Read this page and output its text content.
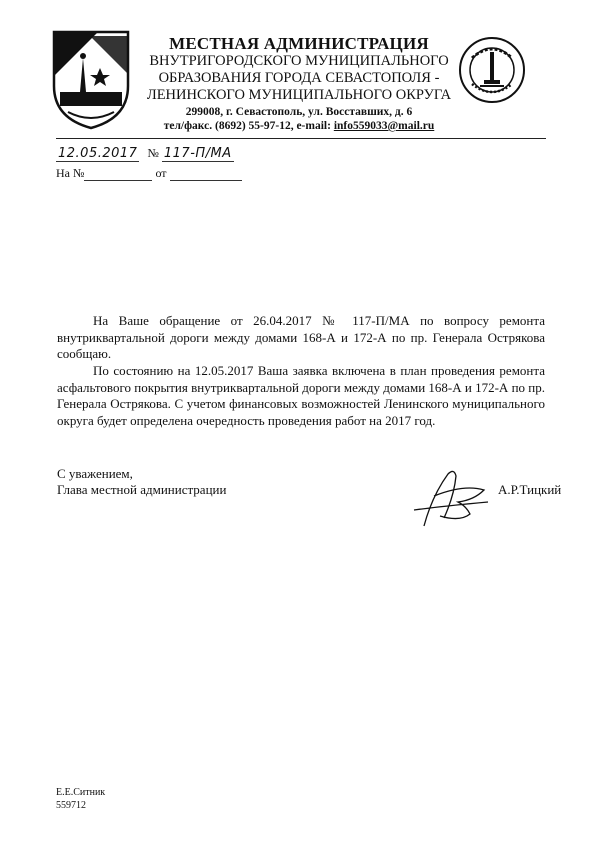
МЕСТНАЯ АДМИНИСТРАЦИЯ
ВНУТРИГОРОДСКОГО МУНИЦИПАЛЬНОГО
ОБРАЗОВАНИЯ ГОРОДА СЕВАСТОПОЛЯ -
ЛЕНИНСКОГО МУНИЦИПАЛЬНОГО ОКРУГА
299008, г. Севастополь, ул. Восставших, д. 6
тел/факс. (8692) 55-97-12, e-mail: info559033@mail.ru
12.05.2017 № 117-П/МА
На №	от
На Ваше обращение от 26.04.2017 № 117-П/МА по вопросу ремонта внутриквартальной дороги между домами 168-А и 172-А по пр. Генерала Острякова сообщаю.
По состоянию на 12.05.2017 Ваша заявка включена в план проведения ремонта асфальтового покрытия внутриквартальной дороги между домами 168-А и 172-А по пр. Генерала Острякова. С учетом финансовых возможностей Ленинского муниципального округа будет определена очередность проведения работ на 2017 год.
С уважением,
Глава местной администрации	А.Р.Тицкий
Е.Е.Ситник
559712
